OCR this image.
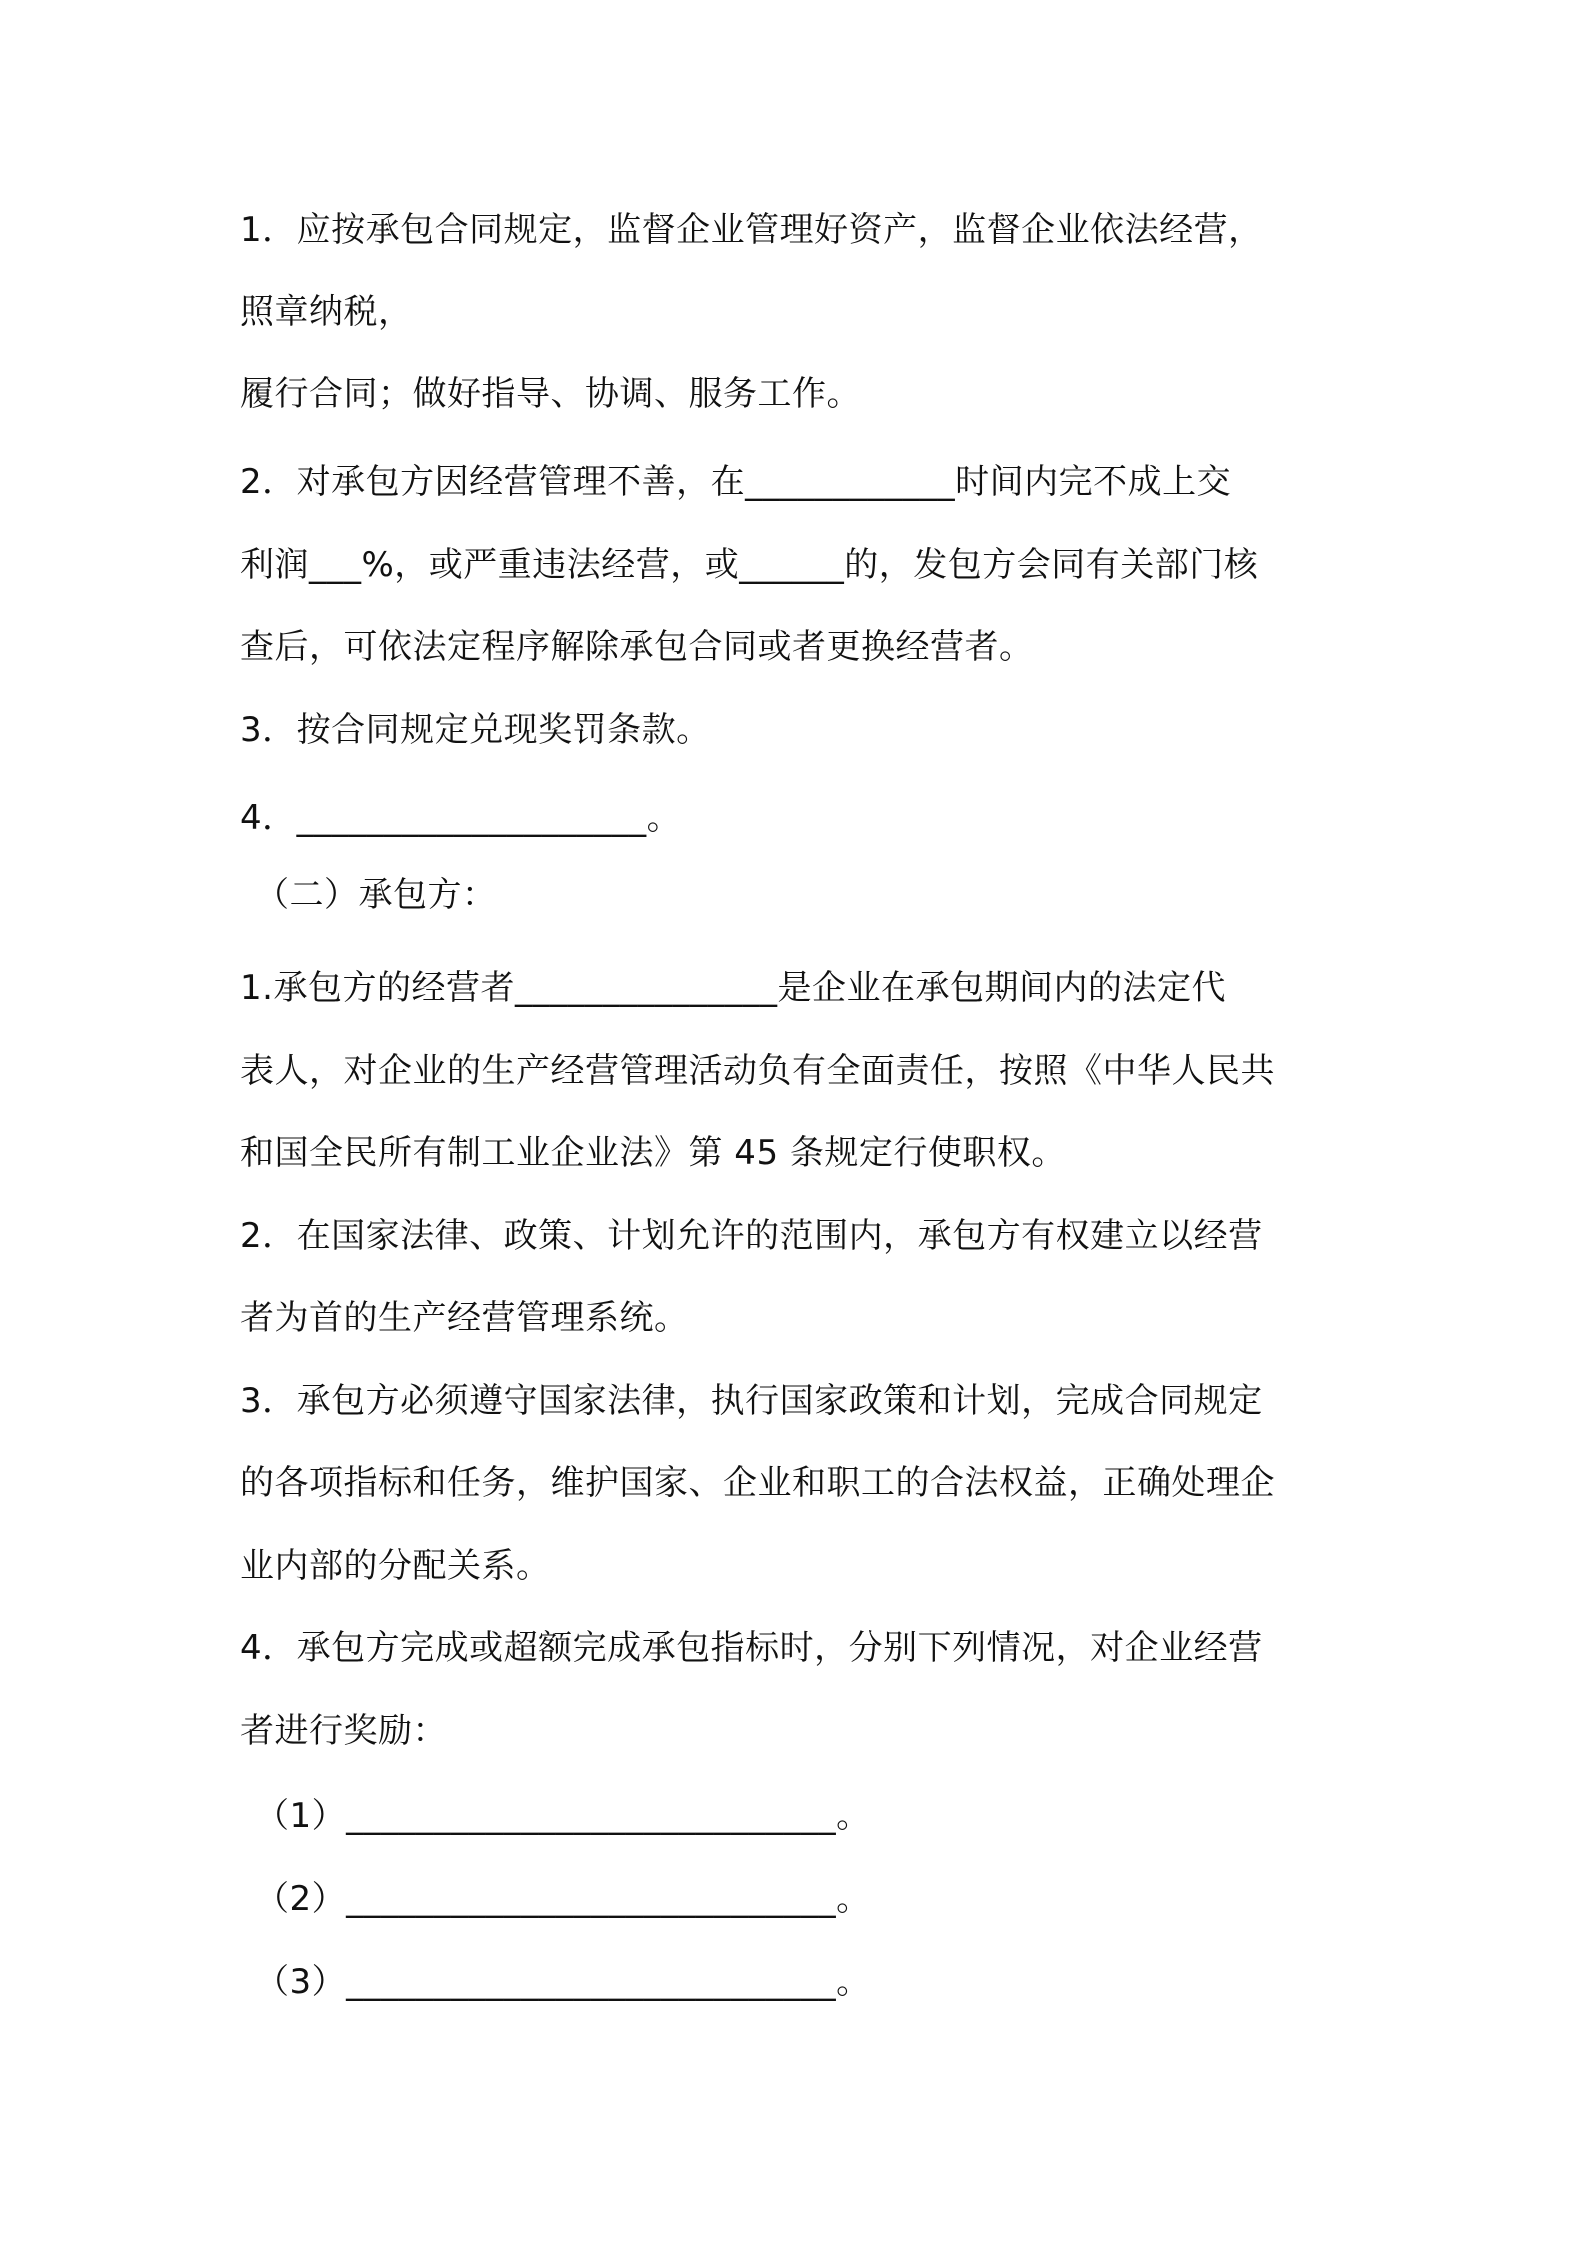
1．应按承包合同规定，监督企业管理好资产，监督企业依法经营，
照章纳税，
履行合同；做好指导、协调、服务工作。
2．对承包方因经营管理不善，在____________时间内完不成上交
利润___%，或严重违法经营，或______的，发包方会同有关部门核
查后，可依法定程序解除承包合同或者更换经营者。
3．按合同规定兑现奖罚条款。
4．____________________。
（二）承包方：
1.承包方的经营者_______________是企业在承包期间内的法定代
表人，对企业的生产经营管理活动负有全面责任，按照《中华人民共
和国全民所有制工业企业法》第 45 条规定行使职权。
2．在国家法律、政策、计划允许的范围内，承包方有权建立以经营
者为首的生产经营管理系统。
3．承包方必须遵守国家法律，执行国家政策和计划，完成合同规定
的各项指标和任务，维护国家、企业和职工的合法权益，正确处理企
业内部的分配关系。
4．承包方完成或超额完成承包指标时，分别下列情况，对企业经营
者进行奖励：
（1）____________________________。
（2）____________________________。
（3）____________________________。
